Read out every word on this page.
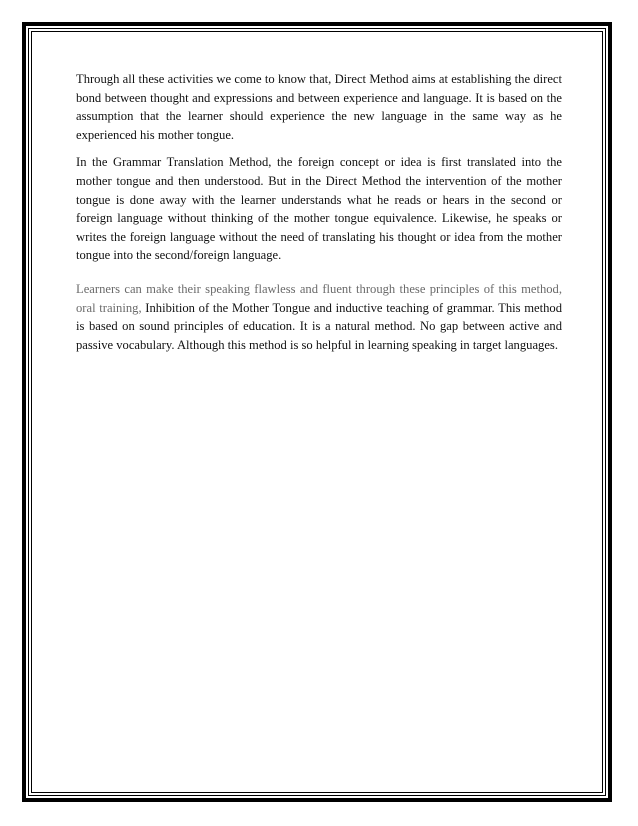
Through all these activities we come to know that, Direct Method aims at establishing the direct bond between thought and expressions and between experience and language. It is based on the assumption that the learner should experience the new language in the same way as he experienced his mother tongue.

In the Grammar Translation Method, the foreign concept or idea is first translated into the mother tongue and then understood. But in the Direct Method the intervention of the mother tongue is done away with the learner understands what he reads or hears in the second or foreign language without thinking of the mother tongue equivalence. Likewise, he speaks or writes the foreign language without the need of translating his thought or idea from the mother tongue into the second/foreign language.

Learners can make their speaking flawless and fluent through these principles of this method, oral training, Inhibition of the Mother Tongue and inductive teaching of grammar. This method is based on sound principles of education. It is a natural method. No gap between active and passive vocabulary. Although this method is so helpful in learning speaking in target languages.
